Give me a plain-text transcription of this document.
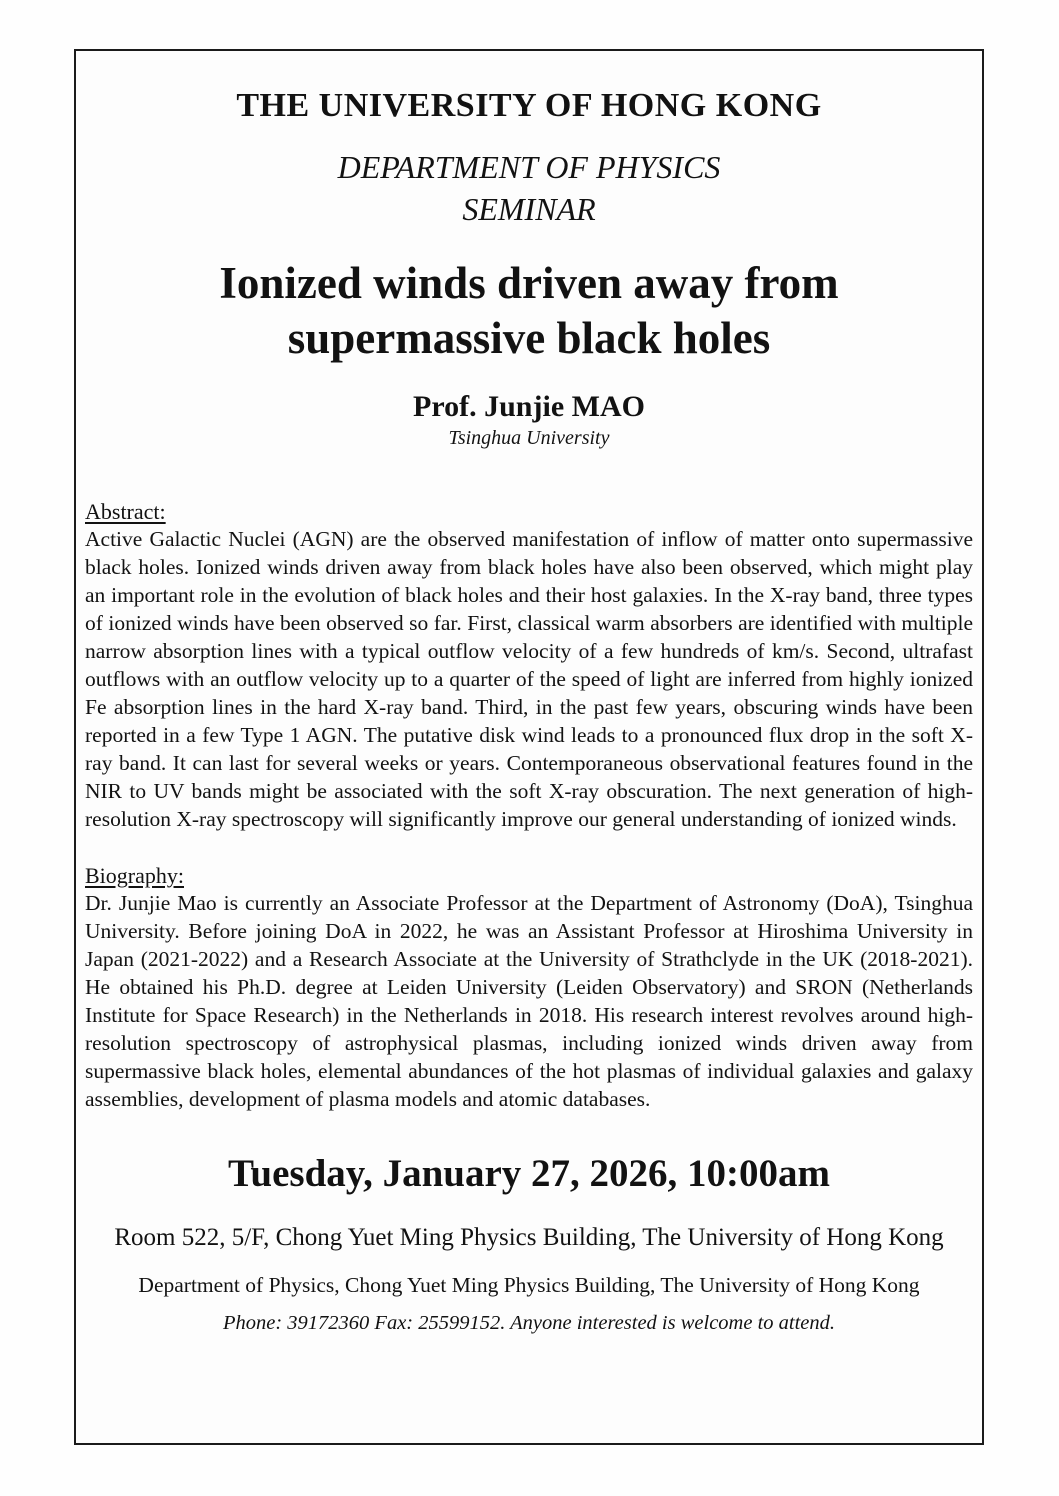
THE UNIVERSITY OF HONG KONG
DEPARTMENT OF PHYSICS
SEMINAR
Ionized winds driven away from supermassive black holes
Prof. Junjie MAO
Tsinghua University
Abstract:
Active Galactic Nuclei (AGN) are the observed manifestation of inflow of matter onto supermassive black holes. Ionized winds driven away from black holes have also been observed, which might play an important role in the evolution of black holes and their host galaxies. In the X-ray band, three types of ionized winds have been observed so far. First, classical warm absorbers are identified with multiple narrow absorption lines with a typical outflow velocity of a few hundreds of km/s. Second, ultrafast outflows with an outflow velocity up to a quarter of the speed of light are inferred from highly ionized Fe absorption lines in the hard X-ray band. Third, in the past few years, obscuring winds have been reported in a few Type 1 AGN. The putative disk wind leads to a pronounced flux drop in the soft X-ray band. It can last for several weeks or years. Contemporaneous observational features found in the NIR to UV bands might be associated with the soft X-ray obscuration. The next generation of high-resolution X-ray spectroscopy will significantly improve our general understanding of ionized winds.
Biography:
Dr. Junjie Mao is currently an Associate Professor at the Department of Astronomy (DoA), Tsinghua University. Before joining DoA in 2022, he was an Assistant Professor at Hiroshima University in Japan (2021-2022) and a Research Associate at the University of Strathclyde in the UK (2018-2021). He obtained his Ph.D. degree at Leiden University (Leiden Observatory) and SRON (Netherlands Institute for Space Research) in the Netherlands in 2018. His research interest revolves around high-resolution spectroscopy of astrophysical plasmas, including ionized winds driven away from supermassive black holes, elemental abundances of the hot plasmas of individual galaxies and galaxy assemblies, development of plasma models and atomic databases.
Tuesday, January 27, 2026, 10:00am
Room 522, 5/F, Chong Yuet Ming Physics Building, The University of Hong Kong
Department of Physics, Chong Yuet Ming Physics Building, The University of Hong Kong
Phone: 39172360 Fax: 25599152. Anyone interested is welcome to attend.
